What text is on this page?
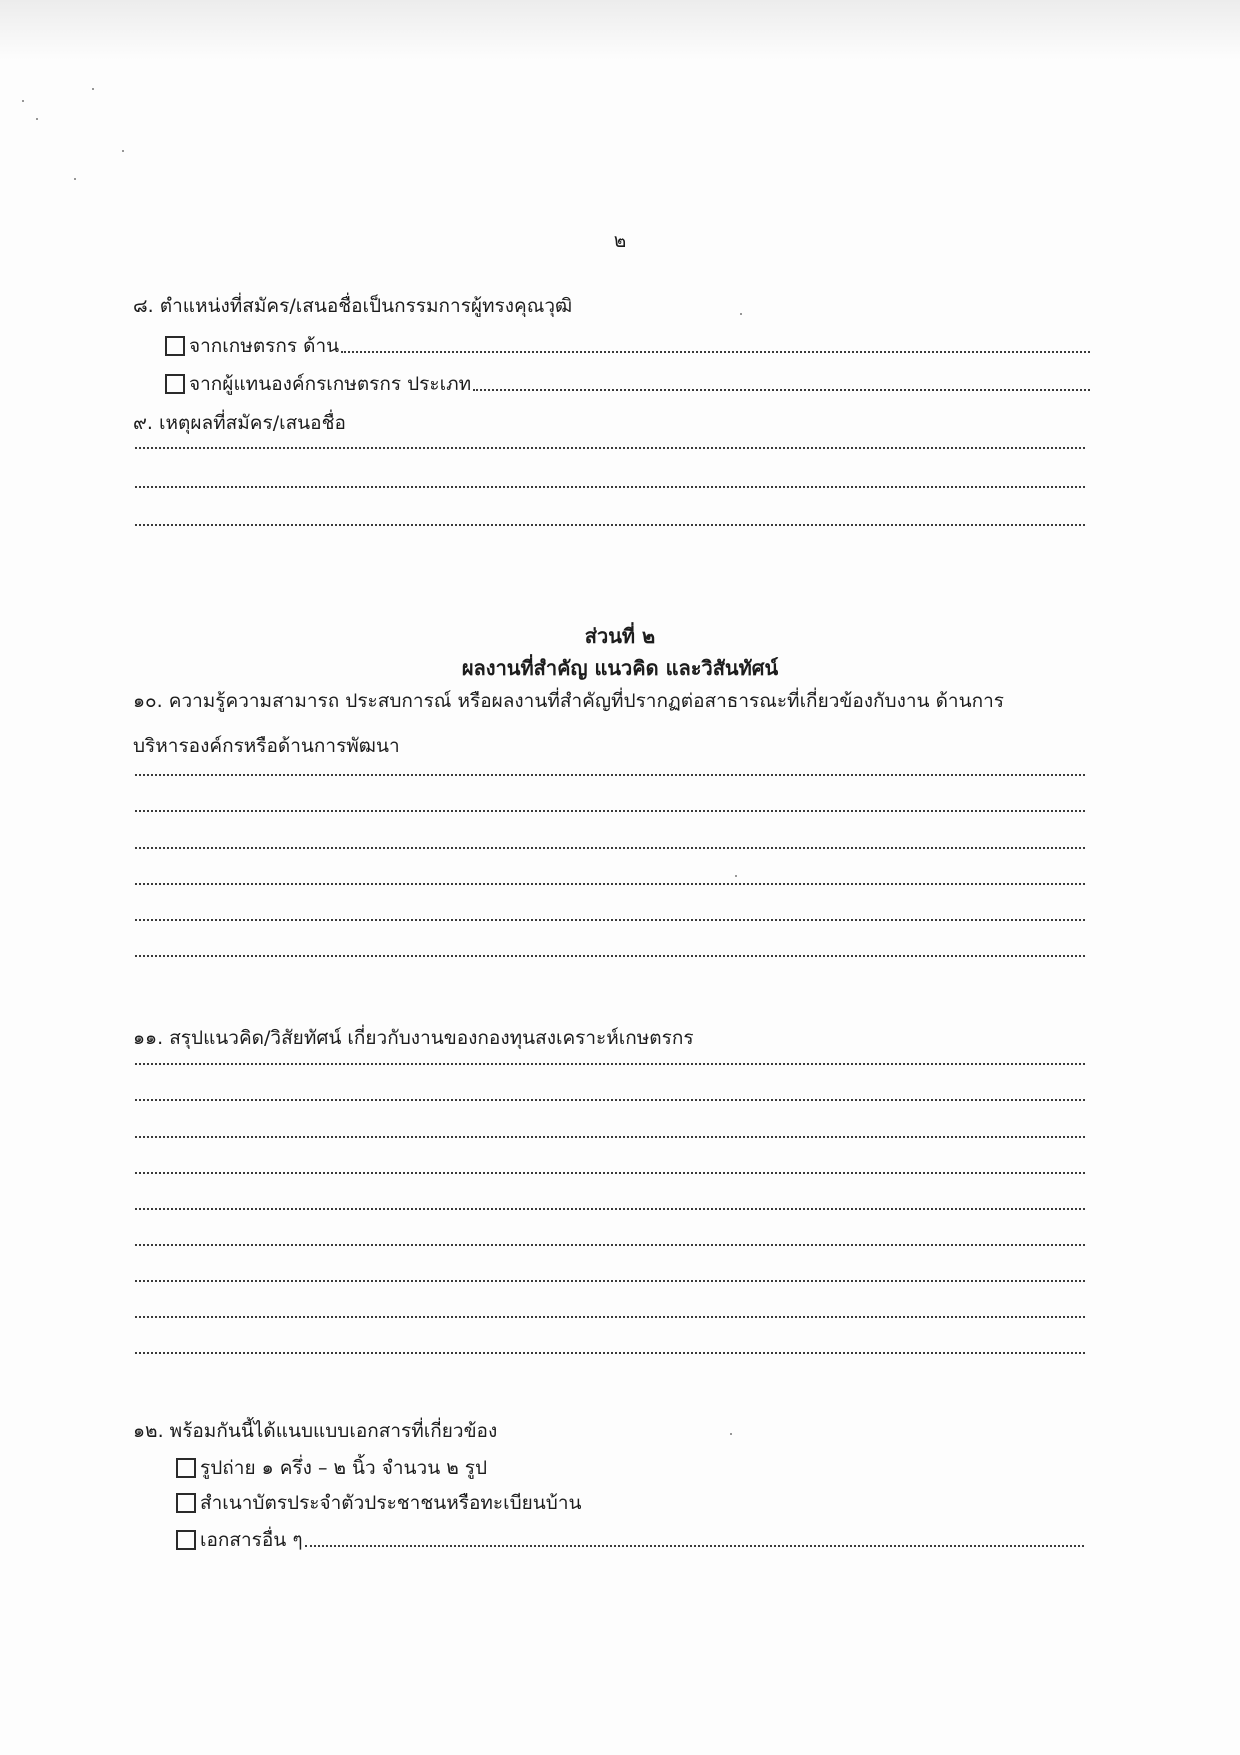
๒
๘. ตำแหน่งที่สมัคร/เสนอชื่อเป็นกรรมการผู้ทรงคุณวุฒิ
จากเกษตรกร ด้าน
จากผู้แทนองค์กรเกษตรกร ประเภท
๙. เหตุผลที่สมัคร/เสนอชื่อ
ส่วนที่ ๒
ผลงานที่สำคัญ แนวคิด และวิสันทัศน์
๑๐. ความรู้ความสามารถ ประสบการณ์ หรือผลงานที่สำคัญที่ปรากฏต่อสาธารณะที่เกี่ยวข้องกับงาน ด้านการ
บริหารองค์กรหรือด้านการพัฒนา
๑๑. สรุปแนวคิด/วิสัยทัศน์ เกี่ยวกับงานของกองทุนสงเคราะห์เกษตรกร
๑๒. พร้อมกันนี้ได้แนบแบบเอกสารที่เกี่ยวข้อง
รูปถ่าย ๑ ครึ่ง – ๒ นิ้ว จำนวน ๒ รูป
สำเนาบัตรประจำตัวประชาชนหรือทะเบียนบ้าน
เอกสารอื่น ๆ
